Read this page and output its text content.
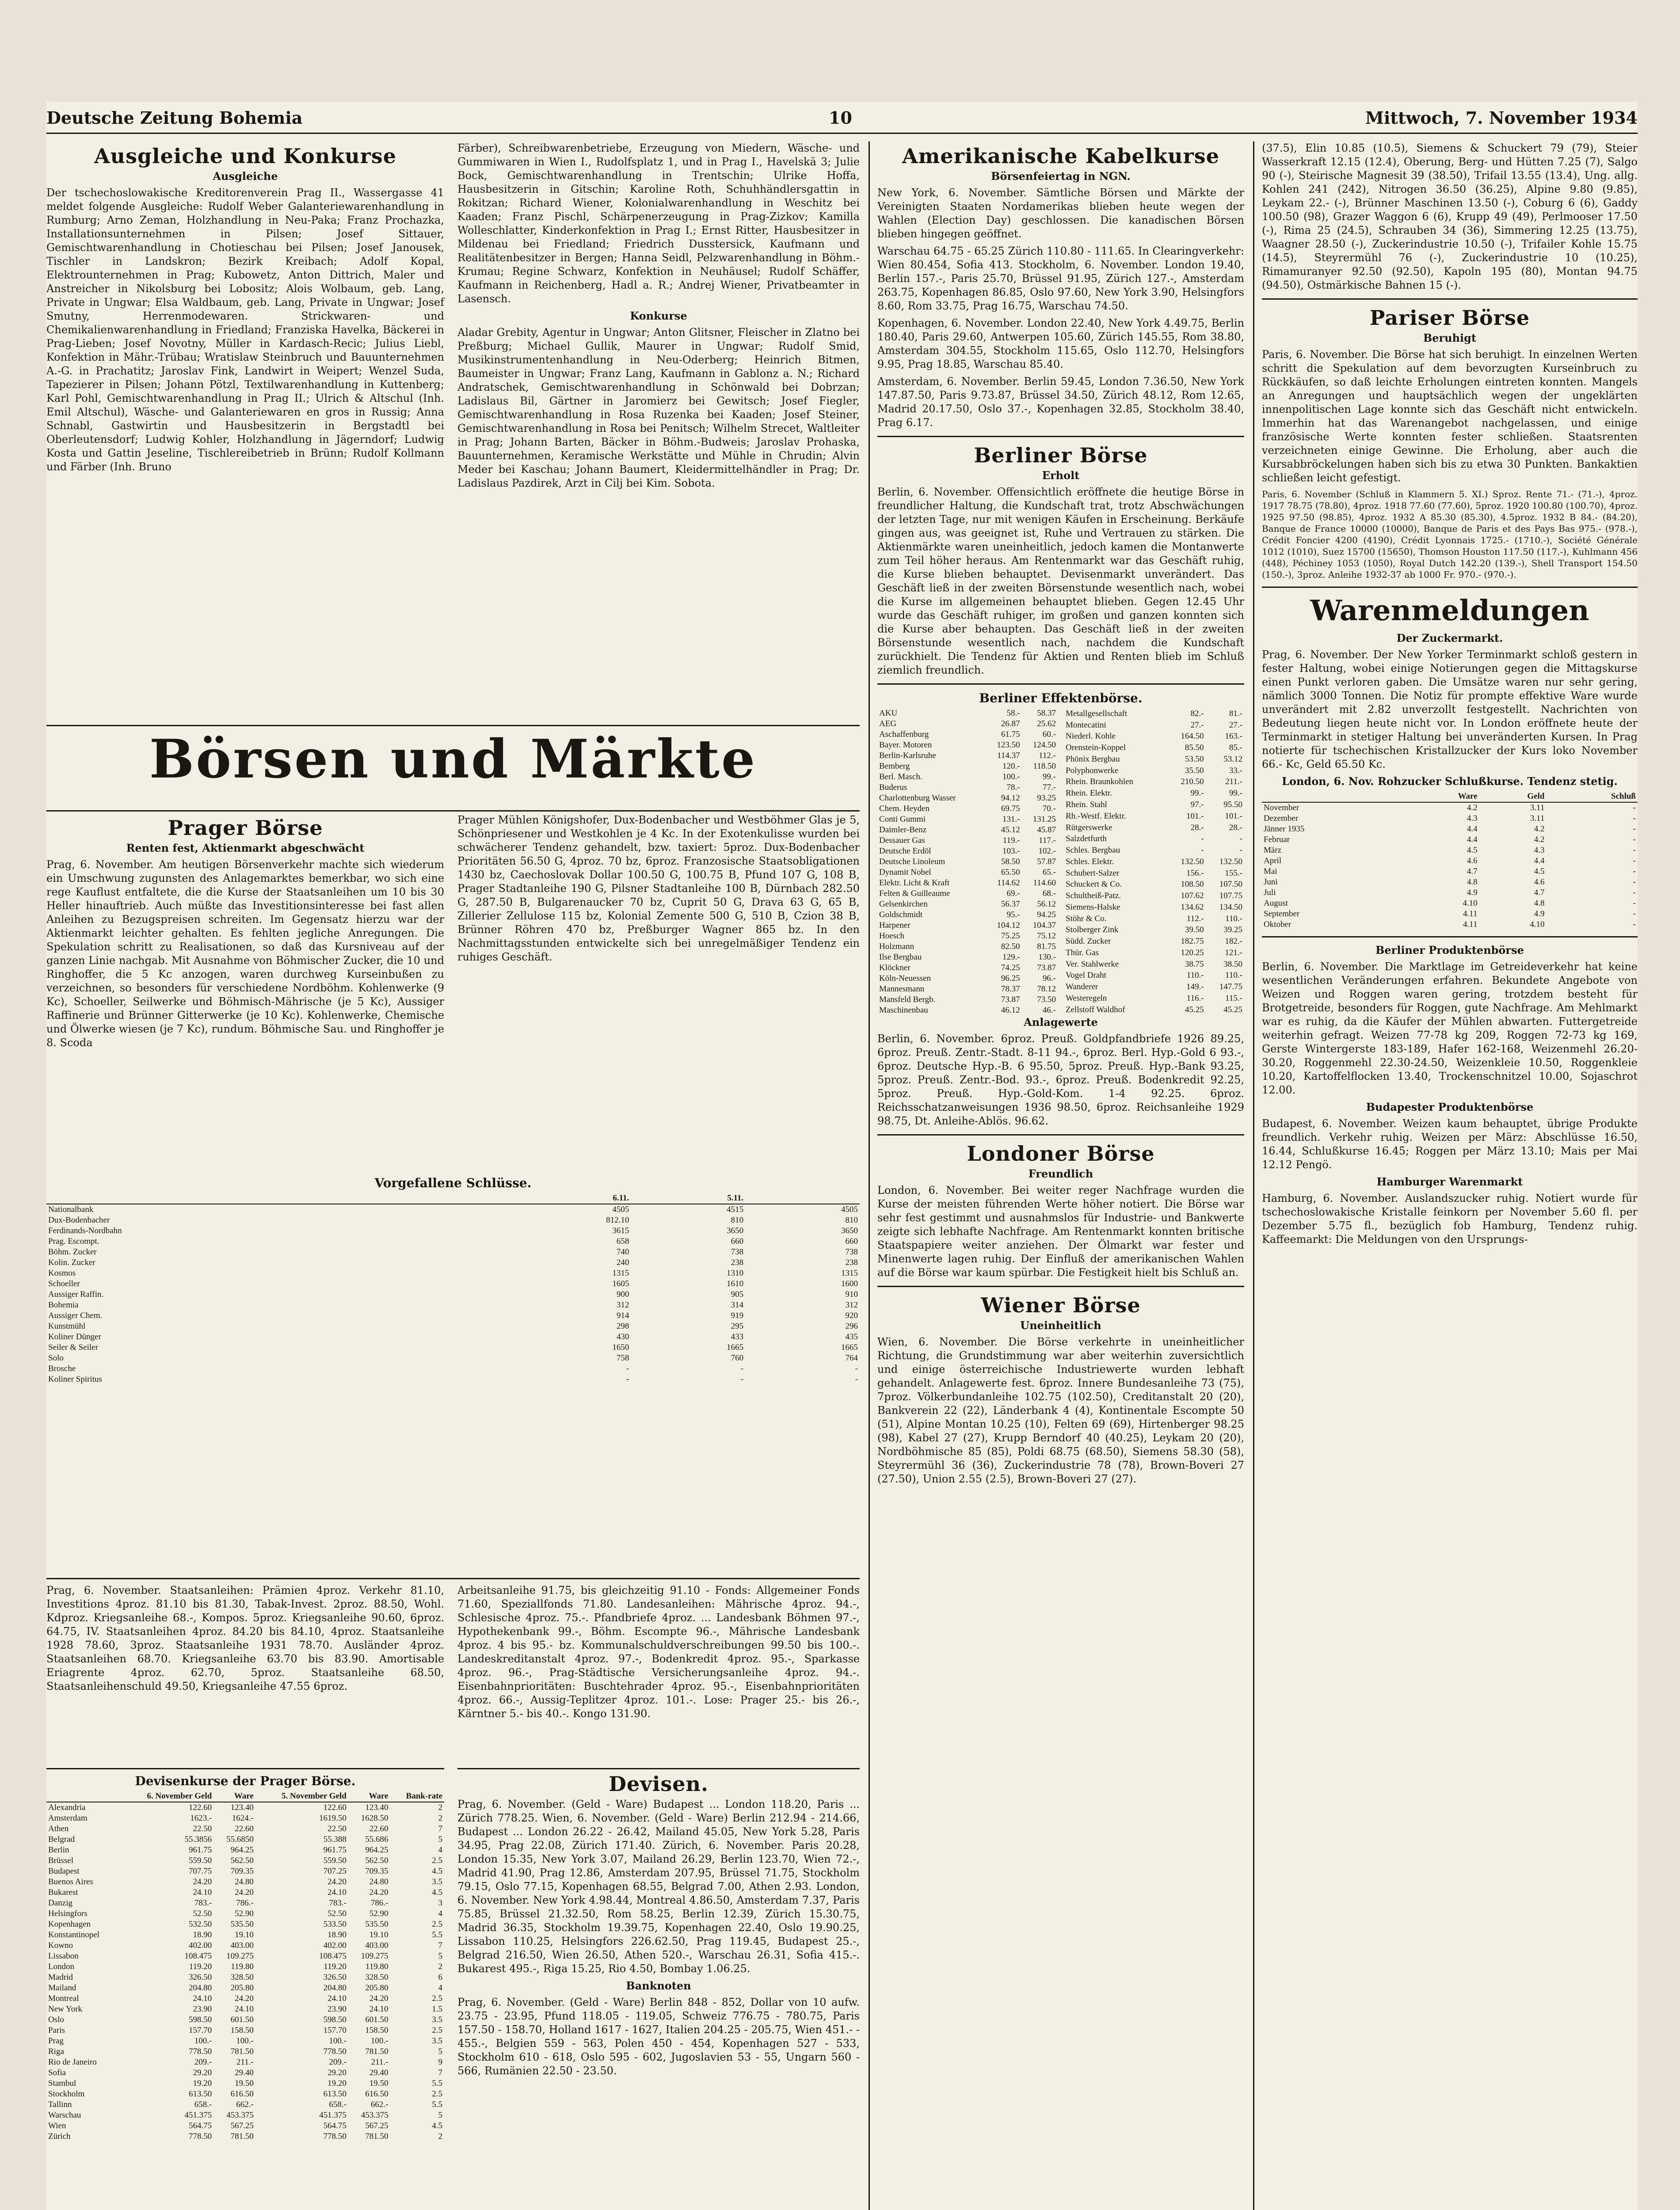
Deutsche Zeitung Bohemia	10	Mittwoch, 7. November 1934
Ausgleiche und Konkurse
Ausgleiche
Der tschechoslowakische Kreditorenverein Prag II., Wassergasse 41 meldet folgende Ausgleiche: Rudolf Weber Galanteriewarenhandlung in Rumburg; Arno Zeman, Holzhandlung in Neu-Paka; Franz Prochazka, Installationsunternehmen in Pilsen; Josef Sittauer, Gemischtwarenhandlung in Chotieschau bei Pilsen; Josef Janousek, Tischler in Landskron; Bezirk Kreibach; Adolf Kopal, Elektrounternehmen in Prag; Kubowetz, Anton Dittrich, Maler und Anstreicher in Nikolsburg bei Lobositz; Alois Wolbaum, geb. Lang, Private in Ungwar; Elsa Waldbaum, geb. Lang, Private in Ungwar; Josef Smutny, Herrenmodewaren. Strickwaren- und Chemikalienwarenhandlung in Friedland; Franziska Havelka, Bäckerei in Prag-Lieben; Josef Novotny, Müller in Kardasch-Recic; Julius Liebl, Konfektion in Mähr.-Trübau; Wratislaw Steinbruch und Bauunternehmen A.-G. in Prachatitz; Jaroslav Fink, Landwirt in Weipert; Wenzel Suda, Tapezierer in Pilsen; Johann Pötzl, Textilwarenhandlung in Kuttenberg; Karl Pohl, Gemischtwarenhandlung in Prag II.; Ulrich & Altschul (Inh. Emil Altschul), Wäsche- und Galanteriewaren en gros in Russig; Anna Schnabl, Gastwirtin und Hausbesitzerin in Bergstadtl bei Oberleutensdorf; Ludwig Kohler, Holzhandlung in Jägerndorf; Ludwig Kosta und Gattin Jeseline, Tischlereibetrieb in Brünn; Rudolf Kollmann und Färber (Inh. Bruno
Färber), Schreibwarenbetriebe, Erzeugung von Miedern, Wäsche- und Gummiwaren in Wien I., Rudolfsplatz 1, und in Prag I., Havelskä 3; Julie Bock, Gemischtwarenhandlung in Trentschin; Ulrike Hoffa, Hausbesitzerin in Gitschin; Karoline Roth, Schuhhändlersgattin in Rokitzan; Richard Wiener, Kolonialwarenhandlung in Weschitz bei Kaaden; Franz Pischl, Schärpenerzeugung in Prag-Zizkov; Kamilla Wolleschlatter, Kinderkonfektion in Prag I.; Ernst Ritter, Hausbesitzer in Mildenau bei Friedland; Friedrich Dusstersick, Kaufmann und Realitätenbesitzer in Bergen; Hanna Seidl, Pelzwarenhandlung in Böhm.-Krumau; Regine Schwarz, Konfektion in Neuhäusel; Rudolf Schäffer, Kaufmann in Reichenberg, Hadl a. R.; Andrej Wiener, Privatbeamter in Lasensch.
Konkurse
Aladar Grebity, Agentur in Ungwar; Anton Glitsner, Fleischer in Zlatno bei Preßburg; Michael Gullik, Maurer in Ungwar; Rudolf Smid, Musikinstrumentenhandlung in Neu-Oderberg; Heinrich Bitmen, Baumeister in Ungwar; Franz Lang, Kaufmann in Gablonz a. N.; Richard Andratschek, Gemischtwarenhandlung in Schönwald bei Dobrzan; Ladislaus Bil, Gärtner in Jaromierz bei Gewitsch; Josef Fiegler, Gemischtwarenhandlung in Rosa Ruzenka bei Kaaden; Josef Steiner, Gemischtwarenhandlung in Rosa bei Penitsch; Wilhelm Strecet, Waltleiter in Prag; Johann Barten, Bäcker in Böhm.-Budweis; Jaroslav Prohaska, Bauunternehmen, Keramische Werkstätte und Mühle in Chrudin; Alvin Meder bei Kaschau; Johann Baumert, Kleidermittelhändler in Prag; Dr. Ladislaus Pazdirek, Arzt in Cilj bei Kim. Sobota.
Börsen und Märkte
Prager Börse
Renten fest, Aktienmarkt abgeschwächt
Prag, 6. November. Am heutigen Börsenverkehr machte sich wiederum ein Umschwung zugunsten des Anlagemarktes bemerkbar, wo sich eine rege Kauflust entfaltete, die die Kurse der Staatsanleihen um 10 bis 30 Heller hinauftrieb. Auch müßte das Investitionsinteresse bei fast allen Anleihen zu Bezugspreisen schreiten. Im Gegensatz hierzu war der Aktienmarkt leichter gehalten. Es fehlten jegliche Anregungen. Die Spekulation schritt zu Realisationen, so daß das Kursniveau auf der ganzen Linie nachgab. Mit Ausnahme von Böhmischer Zucker, die 10 und Ringhoffer, die 5 Kc anzogen, waren durchweg Kurseinbußen zu verzeichnen, so besonders für verschiedene Nordböhm. Kohlenwerke (9 Kc), Schoeller, Seilwerke und Böhmisch-Mährische (je 5 Kc), Aussiger Raffinerie und Brünner Gitterwerke (je 10 Kc). Kohlenwerke, Chemische und Ölwerke wiesen (je 7 Kc), rundum. Böhmische Sau. und Ringhoffer je 8. Scoda
Prager Mühlen Königshofer, Dux-Bodenbacher und Westböhmer Glas je 5, Schönpriesener und Westkohlen je 4 Kc. In der Exotenkulisse wurden bei schwächerer Tendenz gehandelt, bzw. taxiert: 5proz. Dux-Bodenbacher Prioritäten 56.50 G, 4proz. 70 bz, 6proz. Franzosische Staatsobligationen 1430 bz, Caechoslovak Dollar 100.50 G, 100.75 B, Pfund 107 G, 108 B, Prager Stadtanleihe 190 G, Pilsner Stadtanleihe 100 B, Dürnbach 282.50 G, 287.50 B, Bulgarenaucker 70 bz, Cuprit 50 G, Drava 63 G, 65 B, Zillerier Zellulose 115 bz, Kolonial Zemente 500 G, 510 B, Czion 38 B, Brünner Röhren 470 bz, Preßburger Wagner 865 bz. In den Nachmittagsstunden entwickelte sich bei unregelmäßiger Tendenz ein ruhiges Geschäft.
Vorgefallene Schlüsse.
	6.11.	5.11.	
Nationalbank	4505	4515	4505
Dux-Bodenbacher	812.10	810	810
Ferdinands-Nordbahn	3615	3650	3650
Prag. Escompt.	658	660	660
Böhm. Zucker	740	738	738
Kolin. Zucker	240	238	238
Kosmos	1315	1310	1315
Schoeller	1605	1610	1600
Aussiger Raffin.	900	905	910
Bohemia	312	314	312
Aussiger Chem.	914	919	920
Kunstmühl	298	295	296
Koliner Dünger	430	433	435
Seiler & Seiler	1650	1665	1665
Solo	758	760	764
Brosche	-	-	-
Koliner Spiritus	-	-	-
Prag, 6. November. Staatsanleihen: Prämien 4proz. Verkehr 81.10, Investitions 4proz. 81.10 bis 81.30, Tabak-Invest. 2proz. 88.50, Wohl. Kdproz. Kriegsanleihe 68.-, Kompos. 5proz. Kriegsanleihe 90.60, 6proz. 64.75, IV. Staatsanleihen 4proz. 84.20 bis 84.10, 4proz. Staatsanleihe 1928 78.60, 3proz. Staatsanleihe 1931 78.70. Ausländer 4proz. Staatsanleihen 68.70. Kriegsanleihe 63.70 bis 83.90. Amortisable Eriagrente 4proz. 62.70, 5proz. Staatsanleihe 68.50, Staatsanleihenschuld 49.50, Kriegsanleihe 47.55 6proz.
Arbeitsanleihe 91.75, bis gleichzeitig 91.10 - Fonds: Allgemeiner Fonds 71.60, Speziallfonds 71.80. Landesanleihen: Mährische 4proz. 94.-, Schlesische 4proz. 75.-. Pfandbriefe 4proz. ... Landesbank Böhmen 97.-, Hypothekenbank 99.-, Böhm. Escompte 96.-, Mährische Landesbank 4proz. 4 bis 95.- bz. Kommunalschuldverschreibungen 99.50 bis 100.-. Landeskreditanstalt 4proz. 97.-, Bodenkredit 4proz. 95.-, Sparkasse 4proz. 96.-, Prag-Städtische Versicherungsanleihe 4proz. 94.-. Eisenbahnprioritäten: Buschtehrader 4proz. 95.-, Eisenbahnprioritäten 4proz. 66.-, Aussig-Teplitzer 4proz. 101.-. Lose: Prager 25.- bis 26.-, Kärntner 5.- bis 40.-. Kongo 131.90.
Devisenkurse der Prager Börse.
	6. November Geld	Ware	5. November Geld	Ware	Bank-rate
Alexandria	122.60	123.40	122.60	123.40	2
Amsterdam	1623.-	1624.-	1619.50	1628.50	2
Athen	22.50	22.60	22.50	22.60	7
Belgrad	55.3856	55.6850	55.388	55.686	5
Berlin	961.75	964.25	961.75	964.25	4
Brüssel	559.50	562.50	559.50	562.50	2.5
Budapest	707.75	709.35	707.25	709.35	4.5
Buenos Aires	24.20	24.80	24.20	24.80	3.5
Bukarest	24.10	24.20	24.10	24.20	4.5
Danzig	783.-	786.-	783.-	786.-	3
Helsingfors	52.50	52.90	52.50	52.90	4
Kopenhagen	532.50	535.50	533.50	535.50	2.5
Konstantinopel	18.90	19.10	18.90	19.10	5.5
Kowno	402.00	403.00	402.00	403.00	7
Lissabon	108.475	109.275	108.475	109.275	5
London	119.20	119.80	119.20	119.80	2
Madrid	326.50	328.50	326.50	328.50	6
Mailand	204.80	205.80	204.80	205.80	4
Montreal	24.10	24.20	24.10	24.20	2.5
New York	23.90	24.10	23.90	24.10	1.5
Oslo	598.50	601.50	598.50	601.50	3.5
Paris	157.70	158.50	157.70	158.50	2.5
Prag	100.-	100.-	100.-	100.-	3.5
Riga	778.50	781.50	778.50	781.50	5
Rio de Janeiro	209.-	211.-	209.-	211.-	9
Sofia	29.20	29.40	29.20	29.40	7
Stambul	19.20	19.50	19.20	19.50	5.5
Stockholm	613.50	616.50	613.50	616.50	2.5
Tallinn	658.-	662.-	658.-	662.-	5.5
Warschau	451.375	453.375	451.375	453.375	5
Wien	564.75	567.25	564.75	567.25	4.5
Zürich	778.50	781.50	778.50	781.50	2
Devisen.
Prag, 6. November. (Geld - Ware) Budapest ... London 118.20, Paris ... Zürich 778.25. Wien, 6. November. (Geld - Ware) Berlin 212.94 - 214.66, Budapest ... London 26.22 - 26.42, Mailand 45.05, New York 5.28, Paris 34.95, Prag 22.08, Zürich 171.40. Zürich, 6. November. Paris 20.28, London 15.35, New York 3.07, Mailand 26.29, Berlin 123.70, Wien 72.-, Madrid 41.90, Prag 12.86, Amsterdam 207.95, Brüssel 71.75, Stockholm 79.15, Oslo 77.15, Kopenhagen 68.55, Belgrad 7.00, Athen 2.93. London, 6. November. New York 4.98.44, Montreal 4.86.50, Amsterdam 7.37, Paris 75.85, Brüssel 21.32.50, Rom 58.25, Berlin 12.39, Zürich 15.30.75, Madrid 36.35, Stockholm 19.39.75, Kopenhagen 22.40, Oslo 19.90.25, Lissabon 110.25, Helsingfors 226.62.50, Prag 119.45, Budapest 25.-, Belgrad 216.50, Wien 26.50, Athen 520.-, Warschau 26.31, Sofia 415.-. Bukarest 495.-, Riga 15.25, Rio 4.50, Bombay 1.06.25.
Banknoten
Prag, 6. November. (Geld - Ware) Berlin 848 - 852, Dollar von 10 aufw. 23.75 - 23.95, Pfund 118.05 - 119.05, Schweiz 776.75 - 780.75, Paris 157.50 - 158.70, Holland 1617 - 1627, Italien 204.25 - 205.75, Wien 451.- - 455.-, Belgien 559 - 563, Polen 450 - 454, Kopenhagen 527 - 533, Stockholm 610 - 618, Oslo 595 - 602, Jugoslavien 53 - 55, Ungarn 560 - 566, Rumänien 22.50 - 23.50.
Amerikanische Kabelkurse
Börsenfeiertag in NGN.
New York, 6. November. Sämtliche Börsen und Märkte der Vereinigten Staaten Nordamerikas blieben heute wegen der Wahlen (Election Day) geschlossen. Die kanadischen Börsen blieben hingegen geöffnet.
Warschau 64.75 - 65.25 Zürich 110.80 - 111.65. In Clearingverkehr: Wien 80.454, Sofia 413. Stockholm, 6. November. London 19.40, Berlin 157.-, Paris 25.70, Brüssel 91.95, Zürich 127.-, Amsterdam 263.75, Kopenhagen 86.85, Oslo 97.60, New York 3.90, Helsingfors 8.60, Rom 33.75, Prag 16.75, Warschau 74.50.
Kopenhagen, 6. November. London 22.40, New York 4.49.75, Berlin 180.40, Paris 29.60, Antwerpen 105.60, Zürich 145.55, Rom 38.80, Amsterdam 304.55, Stockholm 115.65, Oslo 112.70, Helsingfors 9.95, Prag 18.85, Warschau 85.40.
Amsterdam, 6. November. Berlin 59.45, London 7.36.50, New York 147.87.50, Paris 9.73.87, Brüssel 34.50, Zürich 48.12, Rom 12.65, Madrid 20.17.50, Oslo 37.-, Kopenhagen 32.85, Stockholm 38.40, Prag 6.17.
Berliner Börse
Erholt
Berlin, 6. November. Offensichtlich eröffnete die heutige Börse in freundlicher Haltung, die Kundschaft trat, trotz Abschwächungen der letzten Tage, nur mit wenigen Käufen in Erscheinung. Berkäufe gingen aus, was geeignet ist, Ruhe und Vertrauen zu stärken. Die Aktienmärkte waren uneinheitlich, jedoch kamen die Montanwerte zum Teil höher heraus. Am Rentenmarkt war das Geschäft ruhig, die Kurse blieben behauptet. Devisenmarkt unverändert. Das Geschäft ließ in der zweiten Börsenstunde wesentlich nach, wobei die Kurse im allgemeinen behauptet blieben. Gegen 12.45 Uhr wurde das Geschäft ruhiger, im großen und ganzen konnten sich die Kurse aber behaupten. Das Geschäft ließ in der zweiten Börsenstunde wesentlich nach, nachdem die Kundschaft zurückhielt. Die Tendenz für Aktien und Renten blieb im Schluß ziemlich freundlich.
Berliner Effektenbörse.
AKU	58.-	58.37
AEG	26.87	25.62
Aschaffenburg	61.75	60.-
Bayer. Motoren	123.50	124.50
Berlin-Karlsruhe	114.37	112.-
Bemberg	120.-	118.50
Berl. Masch.	100.-	99.-
Buderus	78.-	77.-
Charlottenburg Wasser	94.12	93.25
Chem. Heyden	69.75	70.-
Conti Gummi	131.-	131.25
Daimler-Benz	45.12	45.87
Dessauer Gas	119.-	117.-
Deutsche Erdöl	103.-	102.-
Deutsche Linoleum	58.50	57.87
Dynamit Nobel	65.50	65.-
Elektr. Licht & Kraft	114.62	114.60
Felten & Guilleaume	69.-	68.-
Gelsenkirchen	56.37	56.12
Goldschmidt	95.-	94.25
Harpener	104.12	104.37
Hoesch	75.25	75.12
Holzmann	82.50	81.75
Ilse Bergbau	129.-	130.-
Klöckner	74.25	73.87
Köln-Neuessen	96.25	96.-
Mannesmann	78.37	78.12
Mansfeld Bergb.	73.87	73.50
Maschinenbau	46.12	46.-
Metallgesellschaft	82.-	81.-
Montecatini	27.-	27.-
Niederl. Kohle	164.50	163.-
Orenstein-Koppel	85.50	85.-
Phönix Bergbau	53.50	53.12
Polyphonwerke	35.50	33.-
Rhein. Braunkohlen	210.50	211.-
Rhein. Elektr.	99.-	99.-
Rhein. Stahl	97.-	95.50
Rh.-Westf. Elektr.	101.-	101.-
Rütgerswerke	28.-	28.-
Salzdetfurth	-	-
Schles. Bergbau	-	-
Schles. Elektr.	132.50	132.50
Schubert-Salzer	156.-	155.-
Schuckert & Co.	108.50	107.50
Schultheiß-Patz.	107.62	107.75
Siemens-Halske	134.62	134.50
Stöhr & Co.	112.-	110.-
Stolberger Zink	39.50	39.25
Südd. Zucker	182.75	182.-
Thür. Gas	120.25	121.-
Ver. Stahlwerke	38.75	38.50
Vogel Draht	110.-	110.-
Wanderer	149.-	147.75
Westeregeln	116.-	115.-
Zellstoff Waldhof	45.25	45.25
Anlagewerte
Berlin, 6. November. 6proz. Preuß. Goldpfandbriefe 1926 89.25, 6proz. Preuß. Zentr.-Stadt. 8-11 94.-, 6proz. Berl. Hyp.-Gold 6 93.-, 6proz. Deutsche Hyp.-B. 6 95.50, 5proz. Preuß. Hyp.-Bank 93.25, 5proz. Preuß. Zentr.-Bod. 93.-, 6proz. Preuß. Bodenkredit 92.25, 5proz. Preuß. Hyp.-Gold-Kom. 1-4 92.25. 6proz. Reichsschatzanweisungen 1936 98.50, 6proz. Reichsanleihe 1929 98.75, Dt. Anleihe-Ablös. 96.62.
Londoner Börse
Freundlich
London, 6. November. Bei weiter reger Nachfrage wurden die Kurse der meisten führenden Werte höher notiert. Die Börse war sehr fest gestimmt und ausnahmslos für Industrie- und Bankwerte zeigte sich lebhafte Nachfrage. Am Rentenmarkt konnten britische Staatspapiere weiter anziehen. Der Ölmarkt war fester und Minenwerte lagen ruhig. Der Einfluß der amerikanischen Wahlen auf die Börse war kaum spürbar. Die Festigkeit hielt bis Schluß an.
Wiener Börse
Uneinheitlich
Wien, 6. November. Die Börse verkehrte in uneinheitlicher Richtung, die Grundstimmung war aber weiterhin zuversichtlich und einige österreichische Industriewerte wurden lebhaft gehandelt. Anlagewerte fest. 6proz. Innere Bundesanleihe 73 (75), 7proz. Völkerbundanleihe 102.75 (102.50), Creditanstalt 20 (20), Bankverein 22 (22), Länderbank 4 (4), Kontinentale Escompte 50 (51), Alpine Montan 10.25 (10), Felten 69 (69), Hirtenberger 98.25 (98), Kabel 27 (27), Krupp Berndorf 40 (40.25), Leykam 20 (20), Nordböhmische 85 (85), Poldi 68.75 (68.50), Siemens 58.30 (58), Steyrermühl 36 (36), Zuckerindustrie 78 (78), Brown-Boveri 27 (27.50), Union 2.55 (2.5), Brown-Boveri 27 (27).
(37.5), Elin 10.85 (10.5), Siemens & Schuckert 79 (79), Steier Wasserkraft 12.15 (12.4), Oberung, Berg- und Hütten 7.25 (7), Salgo 90 (-), Steirische Magnesit 39 (38.50), Trifail 13.55 (13.4), Ung. allg. Kohlen 241 (242), Nitrogen 36.50 (36.25), Alpine 9.80 (9.85), Leykam 22.- (-), Brünner Maschinen 13.50 (-), Coburg 6 (6), Gaddy 100.50 (98), Grazer Waggon 6 (6), Krupp 49 (49), Perlmooser 17.50 (-), Rima 25 (24.5), Schrauben 34 (36), Simmering 12.25 (13.75), Waagner 28.50 (-), Zuckerindustrie 10.50 (-), Trifailer Kohle 15.75 (14.5), Steyrermühl 76 (-), Zuckerindustrie 10 (10.25), Rimamuranyer 92.50 (92.50), Kapoln 195 (80), Montan 94.75 (94.50), Ostmärkische Bahnen 15 (-).
Pariser Börse
Beruhigt
Paris, 6. November. Die Börse hat sich beruhigt. In einzelnen Werten schritt die Spekulation auf dem bevorzugten Kurseinbruch zu Rückkäufen, so daß leichte Erholungen eintreten konnten. Mangels an Anregungen und hauptsächlich wegen der ungeklärten innenpolitischen Lage konnte sich das Geschäft nicht entwickeln. Immerhin hat das Warenangebot nachgelassen, und einige französische Werte konnten fester schließen. Staatsrenten verzeichneten einige Gewinne. Die Erholung, aber auch die Kursabbröckelungen haben sich bis zu etwa 30 Punkten. Bankaktien schließen leicht gefestigt.
Paris, 6. November (Schluß in Klammern 5. XI.) Sproz. Rente 71.- (71.-), 4proz. 1917 78.75 (78.80), 4proz. 1918 77.60 (77.60), 5proz. 1920 100.80 (100.70), 4proz. 1925 97.50 (98.85), 4proz. 1932 A 85.30 (85.30), 4.5proz. 1932 B 84.- (84.20), Banque de France 10000 (10000), Banque de Paris et des Pays Bas 975.- (978.-), Crédit Foncier 4200 (4190), Crédit Lyonnais 1725.- (1710.-), Société Générale 1012 (1010), Suez 15700 (15650), Thomson Houston 117.50 (117.-), Kuhlmann 456 (448), Péchiney 1053 (1050), Royal Dutch 142.20 (139.-), Shell Transport 154.50 (150.-), 3proz. Anleihe 1932-37 ab 1000 Fr. 970.- (970.-).
Warenmeldungen
Der Zuckermarkt.
Prag, 6. November. Der New Yorker Terminmarkt schloß gestern in fester Haltung, wobei einige Notierungen gegen die Mittagskurse einen Punkt verloren gaben. Die Umsätze waren nur sehr gering, nämlich 3000 Tonnen. Die Notiz für prompte effektive Ware wurde unverändert mit 2.82 unverzollt festgestellt. Nachrichten von Bedeutung liegen heute nicht vor. In London eröffnete heute der Terminmarkt in stetiger Haltung bei unveränderten Kursen. In Prag notierte für tschechischen Kristallzucker der Kurs loko November 66.- Kc, Geld 65.50 Kc.
London, 6. Nov. Rohzucker Schlußkurse. Tendenz stetig.
	Ware	Geld	Schluß
November	4.2	3.11	-
Dezember	4.3	3.11	-
Jänner 1935	4.4	4.2	-
Februar	4.4	4.2	-
März	4.5	4.3	-
April	4.6	4.4	-
Mai	4.7	4.5	-
Juni	4.8	4.6	-
Juli	4.9	4.7	-
August	4.10	4.8	-
September	4.11	4.9	-
Oktober	4.11	4.10	-
Berliner Produktenbörse
Berlin, 6. November. Die Marktlage im Getreideverkehr hat keine wesentlichen Veränderungen erfahren. Bekundete Angebote von Weizen und Roggen waren gering, trotzdem besteht für Brotgetreide, besonders für Roggen, gute Nachfrage. Am Mehlmarkt war es ruhig, da die Käufer der Mühlen abwarten. Futtergetreide weiterhin gefragt. Weizen 77-78 kg 209, Roggen 72-73 kg 169, Gerste Wintergerste 183-189, Hafer 162-168, Weizenmehl 26.20-30.20, Roggenmehl 22.30-24.50, Weizenkleie 10.50, Roggenkleie 10.20, Kartoffelflocken 13.40, Trockenschnitzel 10.00, Sojaschrot 12.00.
Budapester Produktenbörse
Budapest, 6. November. Weizen kaum behauptet, übrige Produkte freundlich. Verkehr ruhig. Weizen per März: Abschlüsse 16.50, 16.44, Schlußkurse 16.45; Roggen per März 13.10; Mais per Mai 12.12 Pengö.
Hamburger Warenmarkt
Hamburg, 6. November. Auslandszucker ruhig. Notiert wurde für tschechoslowakische Kristalle feinkorn per November 5.60 fl. per Dezember 5.75 fl., bezüglich fob Hamburg, Tendenz ruhig. Kaffeemarkt: Die Meldungen von den Ursprungs-
